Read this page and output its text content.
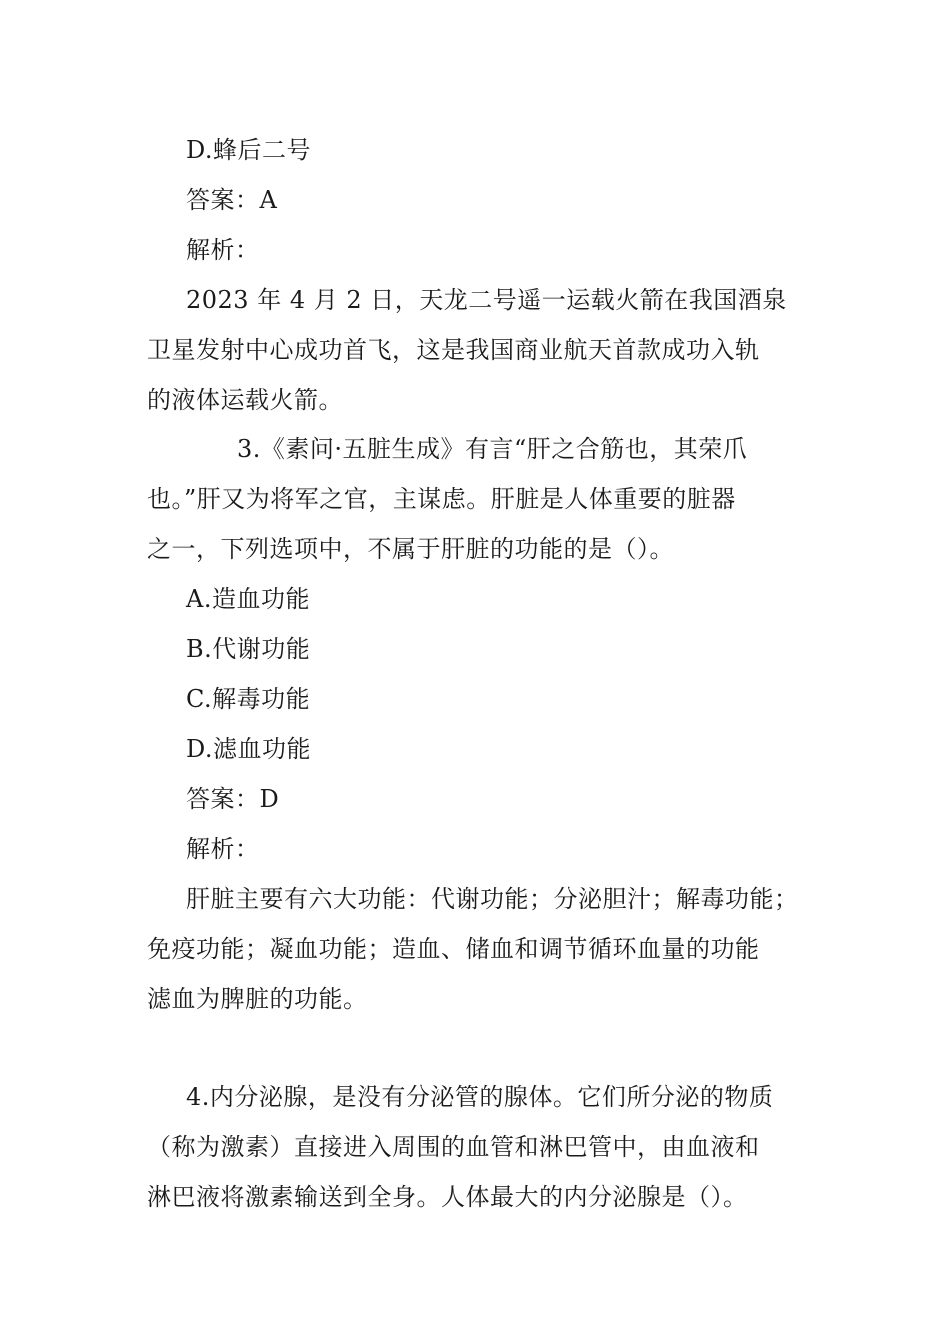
D.蜂后二号
答案：A
解析：
2023 年 4 月 2 日，天龙二号遥一运载火箭在我国酒泉
卫星发射中心成功首飞，这是我国商业航天首款成功入轨
的液体运载火箭。
3.《素问·五脏生成》有言“肝之合筋也，其荣爪
也。”肝又为将军之官，主谋虑。肝脏是人体重要的脏器
之一，下列选项中，不属于肝脏的功能的是（）。
A.造血功能
B.代谢功能
C.解毒功能
D.滤血功能
答案：D
解析：
肝脏主要有六大功能：代谢功能；分泌胆汁；解毒功能；
免疫功能；凝血功能；造血、储血和调节循环血量的功能
滤血为脾脏的功能。
4.内分泌腺，是没有分泌管的腺体。它们所分泌的物质
（称为激素）直接进入周围的血管和淋巴管中，由血液和
淋巴液将激素输送到全身。人体最大的内分泌腺是（）。
